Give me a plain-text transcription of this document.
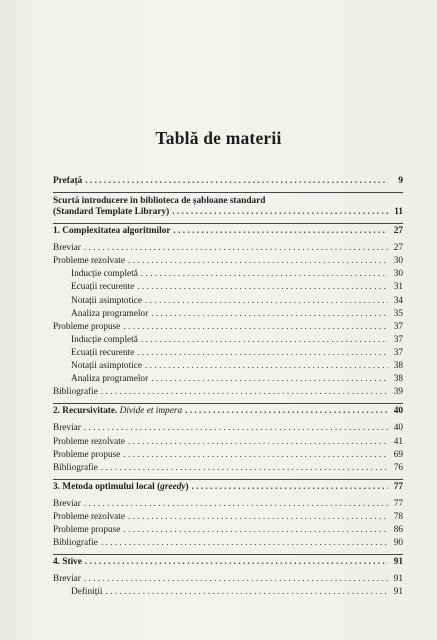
Tablă de materii
Prefață . . .	9
Scurtă introducere în biblioteca de șabloane standard
(Standard Template Library) . . .	11
1. Complexitatea algoritmilor . . .	27
Breviar . . .	27
Probleme rezolvate . . .	30
Inducție completă . . .	30
Ecuații recurente . . .	31
Notații asimptotice . . .	34
Analiza programelor . . .	35
Probleme propuse . . .	37
Inducție completă . . .	37
Ecuații recurente . . .	37
Notații asimptotice . . .	38
Analiza programelor . . .	38
Bibliografie . . .	39
2. Recursivitate. Divide et impera . . .	40
Breviar . . .	40
Probleme rezolvate . . .	41
Probleme propuse . . .	69
Bibliografie . . .	76
3. Metoda optimului local (greedy) . . .	77
Breviar . . .	77
Probleme rezolvate . . .	78
Probleme propuse . . .	86
Bibliografie . . .	90
4. Stive . . .	91
Breviar . . .	91
Definiții . . .	91
